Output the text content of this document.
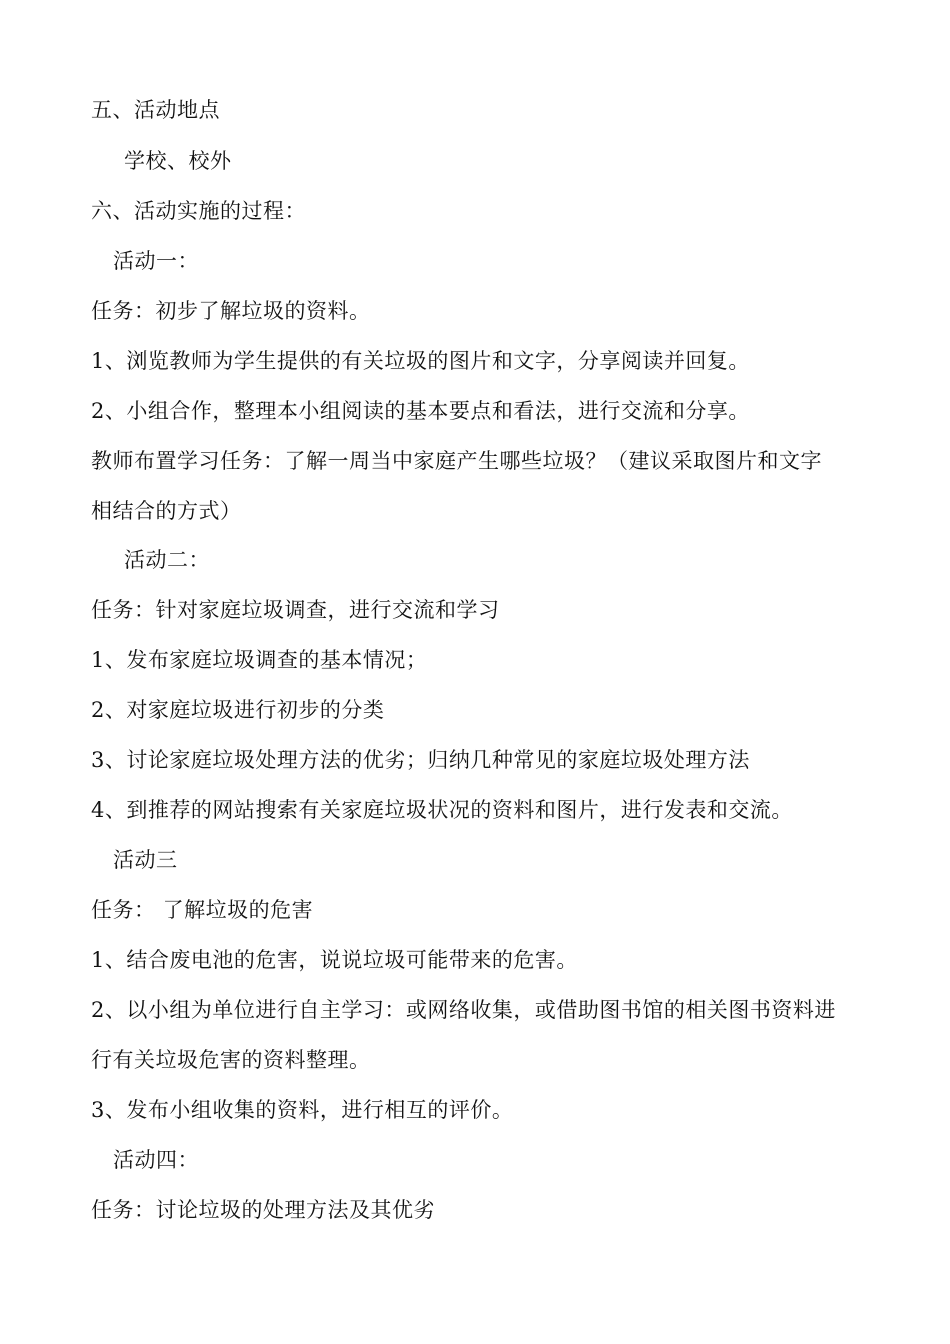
五、活动地点
学校、校外
六、活动实施的过程：
活动一：
任务：初步了解垃圾的资料。
1、浏览教师为学生提供的有关垃圾的图片和文字，分享阅读并回复。
2、小组合作，整理本小组阅读的基本要点和看法，进行交流和分享。
教师布置学习任务：了解一周当中家庭产生哪些垃圾？（建议采取图片和文字
相结合的方式）
活动二：
任务：针对家庭垃圾调查，进行交流和学习
1、发布家庭垃圾调查的基本情况；
2、对家庭垃圾进行初步的分类
3、讨论家庭垃圾处理方法的优劣；归纳几种常见的家庭垃圾处理方法
4、到推荐的网站搜索有关家庭垃圾状况的资料和图片，进行发表和交流。
活动三
任务： 了解垃圾的危害
1、结合废电池的危害，说说垃圾可能带来的危害。
2、以小组为单位进行自主学习：或网络收集，或借助图书馆的相关图书资料进
行有关垃圾危害的资料整理。
3、发布小组收集的资料，进行相互的评价。
活动四：
任务：讨论垃圾的处理方法及其优劣
